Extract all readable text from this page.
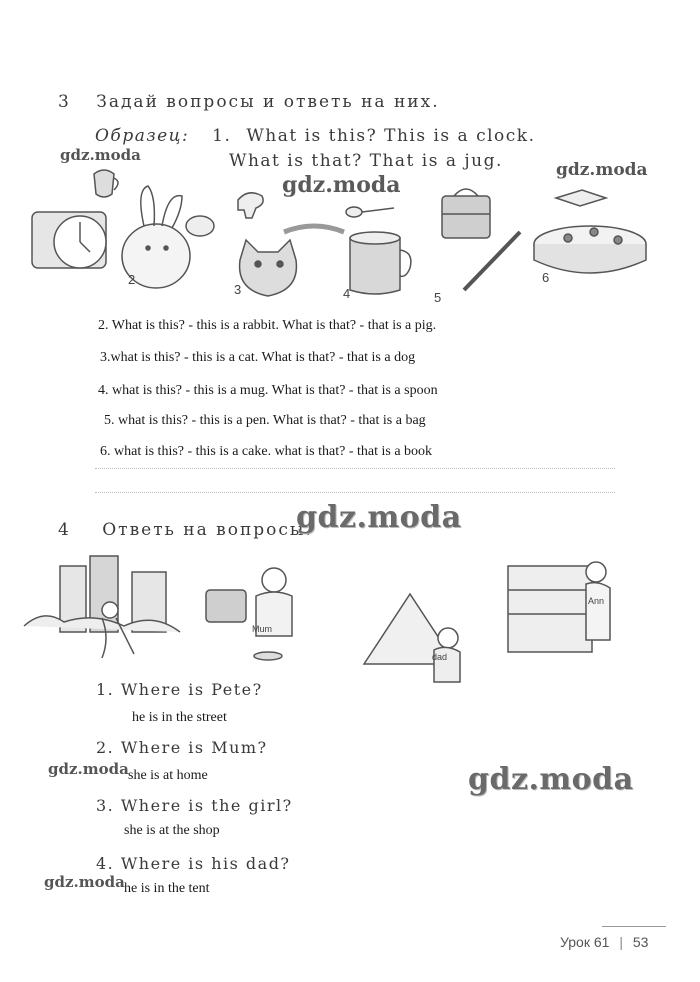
3 Задай вопросы и ответь на них.
Образец: 1. What is this? This is a clock.
What is that? That is a jug.
2
3	4	5
6
2. What is this? - this is a rabbit. What is that? - that is a pig.
3.what is this? - this is a cat. What is that? - that is a dog
4. what is this? - this is a mug. What is that? - that is a spoon
5. what is this? - this is a pen. What is that? - that is a bag
6. what is this? - this is a cake. what is that? - that is a book
4 Ответь на вопросы.
Mum
dad
Ann
1. Where is Pete?
he is in the street
2. Where is Mum?
she is at home
3. Where is the girl?
she is at the shop
4. Where is his dad?
he is in the tent
gdz.moda
gdz.moda
gdz.moda
gdz.moda
gdz.moda	gdz.moda
gdz.moda
Урок 61 | 53
